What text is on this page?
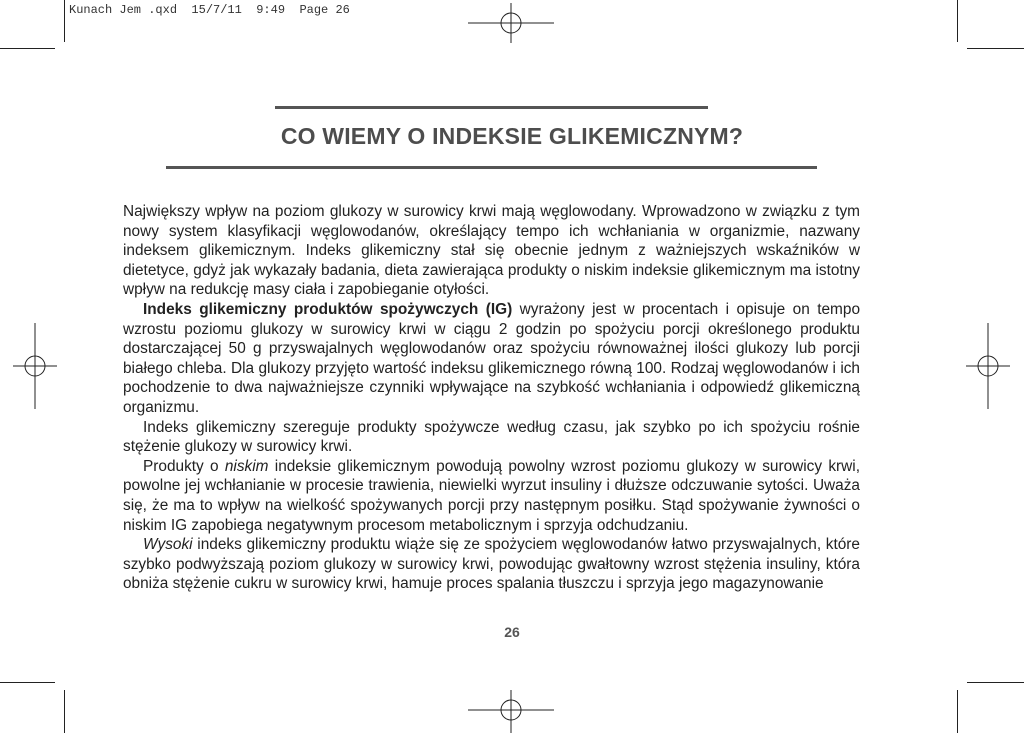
Kunach Jem .qxd  15/7/11  9:49  Page 26
CO WIEMY O INDEKSIE GLIKEMICZNYM?

Największy wpływ na poziom glukozy w surowicy krwi mają węglowodany. Wprowadzono w związku z tym nowy system klasyfikacji węglowodanów, określający tempo ich wchłaniania w organizmie, nazwany indeksem glikemicznym. Indeks glikemiczny stał się obecnie jednym z ważniejszych wskaźników w dietetyce, gdyż jak wykazały badania, dieta zawierająca produkty o niskim indeksie glikemicznym ma istotny wpływ na redukcję masy ciała i zapobieganie otyłości.

Indeks glikemiczny produktów spożywczych (IG) wyrażony jest w procentach i opisuje on tempo wzrostu poziomu glukozy w surowicy krwi w ciągu 2 godzin po spożyciu porcji określonego produktu dostarczającej 50 g przyswajalnych węglowodanów oraz spożyciu równoważnej ilości glukozy lub porcji białego chleba. Dla glukozy przyjęto wartość indeksu glikemicznego równą 100. Rodzaj węglowodanów i ich pochodzenie to dwa najważniejsze czynniki wpływające na szybkość wchłaniania i odpowiedź glikemiczną organizmu.

Indeks glikemiczny szereguje produkty spożywcze według czasu, jak szybko po ich spożyciu rośnie stężenie glukozy w surowicy krwi.

Produkty o niskim indeksie glikemicznym powodują powolny wzrost poziomu glukozy w surowicy krwi, powolne jej wchłanianie w procesie trawienia, niewielki wyrzut insuliny i dłuższe odczuwanie sytości. Uważa się, że ma to wpływ na wielkość spożywanych porcji przy następnym posiłku. Stąd spożywanie żywności o niskim IG zapobiega negatywnym procesom metabolicznym i sprzyja odchudzaniu.

Wysoki indeks glikemiczny produktu wiąże się ze spożyciem węglowodanów łatwo przyswajalnych, które szybko podwyższają poziom glukozy w surowicy krwi, powodując gwałtowny wzrost stężenia insuliny, która obniża stężenie cukru w surowicy krwi, hamuje proces spalania tłuszczu i sprzyja jego magazynowanie

26
